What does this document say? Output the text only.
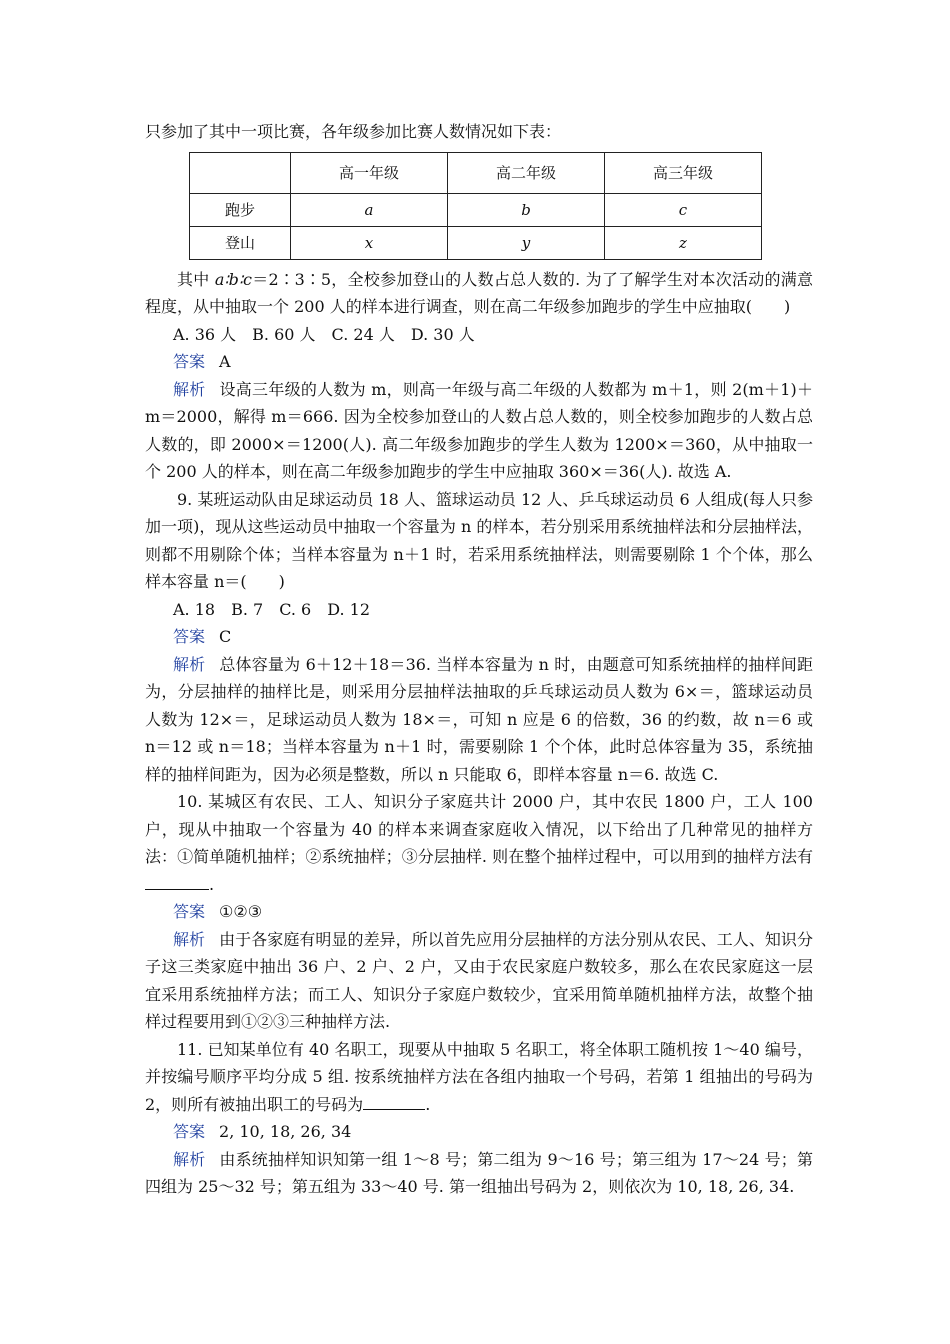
只参加了其中一项比赛，各年级参加比赛人数情况如下表：

	高一年级	高二年级	高三年级
跑步	a	b	c
登山	x	y	z

其中 a∶b∶c＝2∶3∶5，全校参加登山的人数占总人数的. 为了了解学生对本次活动的满意程度，从中抽取一个 200 人的样本进行调查，则在高二年级参加跑步的学生中应抽取(　　)

A. 36 人　B. 60 人　C. 24 人　D. 30 人

答案 A

解析 设高三年级的人数为 m，则高一年级与高二年级的人数都为 m＋1，则 2(m＋1)＋m＝2000，解得 m＝666. 因为全校参加登山的人数占总人数的，则全校参加跑步的人数占总人数的，即 2000×＝1200(人). 高二年级参加跑步的学生人数为 1200×＝360，从中抽取一个 200 人的样本，则在高二年级参加跑步的学生中应抽取 360×＝36(人). 故选 A.

9. 某班运动队由足球运动员 18 人、篮球运动员 12 人、乒乓球运动员 6 人组成(每人只参加一项)，现从这些运动员中抽取一个容量为 n 的样本，若分别采用系统抽样法和分层抽样法，则都不用剔除个体；当样本容量为 n＋1 时，若采用系统抽样法，则需要剔除 1 个个体，那么样本容量 n＝(　　)

A. 18　B. 7　C. 6　D. 12

答案 C

解析 总体容量为 6＋12＋18＝36. 当样本容量为 n 时，由题意可知系统抽样的抽样间距为，分层抽样的抽样比是，则采用分层抽样法抽取的乒乓球运动员人数为 6×＝，篮球运动员人数为 12×＝，足球运动员人数为 18×＝，可知 n 应是 6 的倍数，36 的约数，故 n＝6 或 n＝12 或 n＝18；当样本容量为 n＋1 时，需要剔除 1 个个体，此时总体容量为 35，系统抽样的抽样间距为，因为必须是整数，所以 n 只能取 6，即样本容量 n＝6. 故选 C.

10. 某城区有农民、工人、知识分子家庭共计 2000 户，其中农民 1800 户，工人 100 户，现从中抽取一个容量为 40 的样本来调查家庭收入情况，以下给出了几种常见的抽样方法：①简单随机抽样；②系统抽样；③分层抽样. 则在整个抽样过程中，可以用到的抽样方法有.

答案 ①②③

解析 由于各家庭有明显的差异，所以首先应用分层抽样的方法分别从农民、工人、知识分子这三类家庭中抽出 36 户、2 户、2 户，又由于农民家庭户数较多，那么在农民家庭这一层宜采用系统抽样方法；而工人、知识分子家庭户数较少，宜采用简单随机抽样方法，故整个抽样过程要用到①②③三种抽样方法.

11. 已知某单位有 40 名职工，现要从中抽取 5 名职工，将全体职工随机按 1～40 编号，并按编号顺序平均分成 5 组. 按系统抽样方法在各组内抽取一个号码，若第 1 组抽出的号码为 2，则所有被抽出职工的号码为	.

答案 2, 10, 18, 26, 34

解析 由系统抽样知识知第一组 1～8 号；第二组为 9～16 号；第三组为 17～24 号；第四组为 25～32 号；第五组为 33～40 号. 第一组抽出号码为 2，则依次为 10, 18, 26, 34.
